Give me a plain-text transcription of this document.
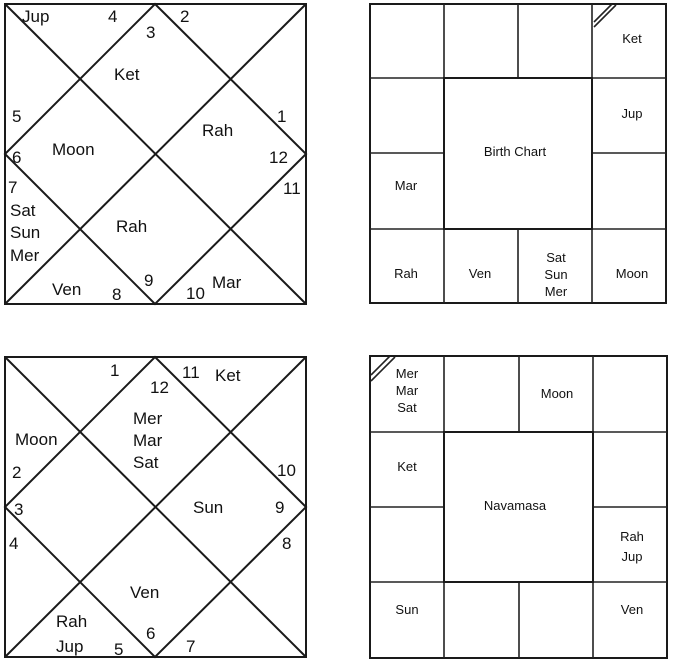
Jup	4
3
2
Ket
5
Rah
1
6 Moon	12
7	11
Sat
Rah
Sun
Mer
9	Mar
Ven 8	10
Ket
Jup
Birth Chart
Mar
Rah	Ven
Sat
Sun
Mer
Moon
1
12
11 Ket
Mer
Mar
Sat
Moon
2	10
3	Sun	9
4	8
Ven
Rah
6
Jup 5	7
Mer
Mar
Sat
Moon
Ket
Navamasa
Rah
Jup
Sun	Ven
